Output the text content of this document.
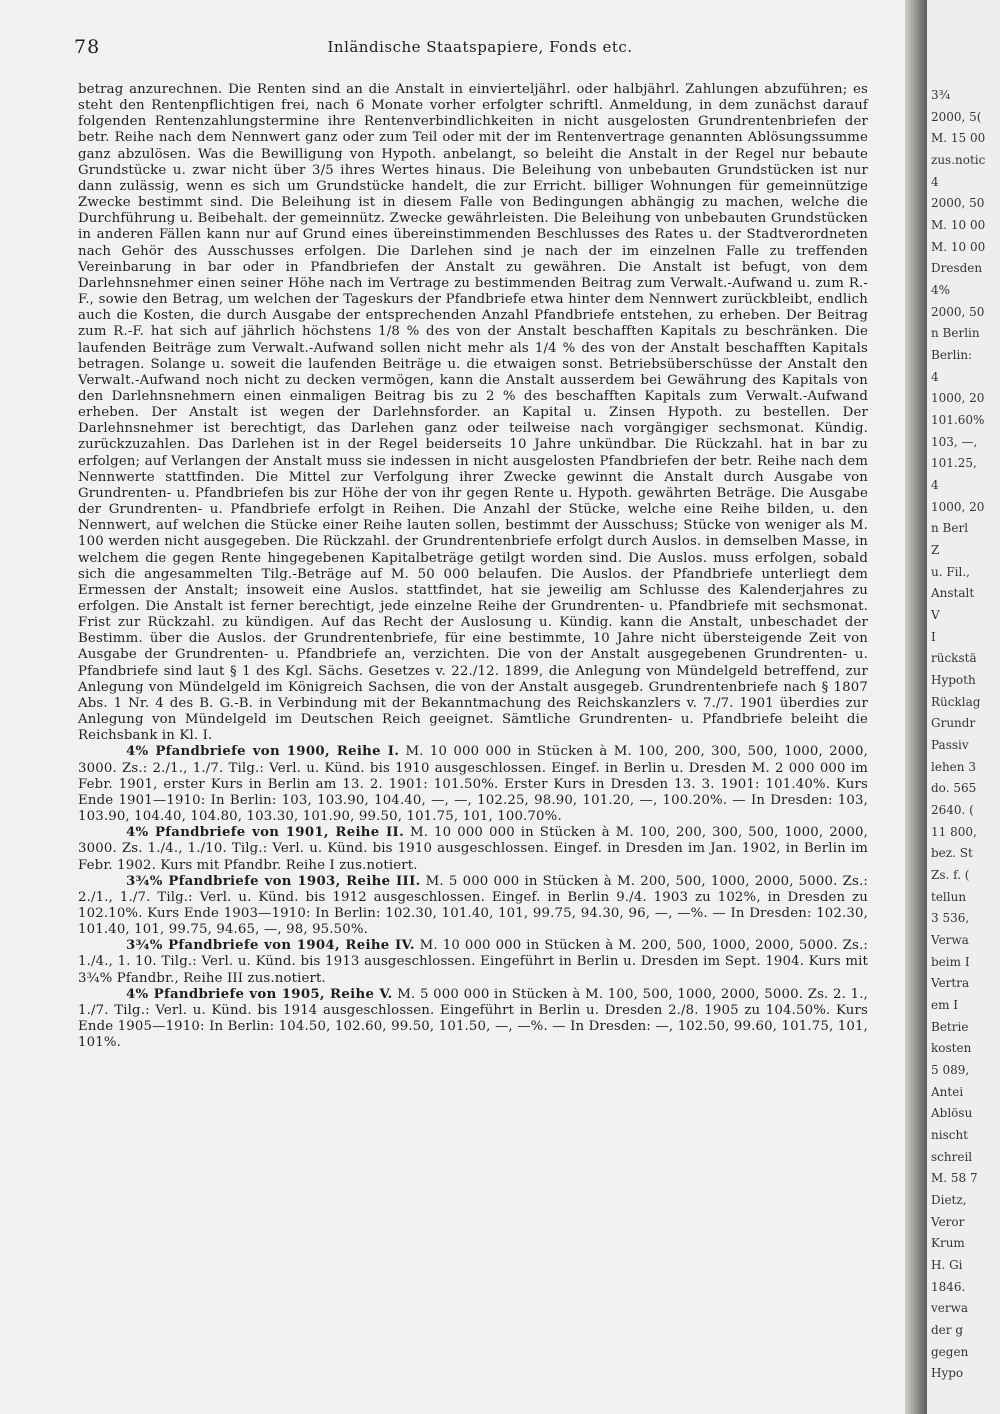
78	Inländische Staatspapiere, Fonds etc.

betrag anzurechnen. Die Renten sind an die Anstalt in einvierteljährl. oder halbjährl. Zahlungen abzuführen; es steht den Rentenpflichtigen frei, nach 6 Monate vorher erfolgter schriftl. Anmeldung, in dem zunächst darauf folgenden Rentenzahlungstermine ihre Rentenverbindlichkeiten in nicht ausgelosten Grundrentenbriefen der betr. Reihe nach dem Nennwert ganz oder zum Teil oder mit der im Rentenvertrage genannten Ablösungssumme ganz abzulösen. Was die Bewilligung von Hypoth. anbelangt, so beleiht die Anstalt in der Regel nur bebaute Grundstücke u. zwar nicht über 3/5 ihres Wertes hinaus. Die Beleihung von unbebauten Grundstücken ist nur dann zulässig, wenn es sich um Grundstücke handelt, die zur Erricht. billiger Wohnungen für gemeinnützige Zwecke bestimmt sind. Die Beleihung ist in diesem Falle von Bedingungen abhängig zu machen, welche die Durchführung u. Beibehalt. der gemeinnütz. Zwecke gewährleisten. Die Beleihung von unbebauten Grundstücken in anderen Fällen kann nur auf Grund eines übereinstimmenden Beschlusses des Rates u. der Stadtverordneten nach Gehör des Ausschusses erfolgen. Die Darlehen sind je nach der im einzelnen Falle zu treffenden Vereinbarung in bar oder in Pfandbriefen der Anstalt zu gewähren. Die Anstalt ist befugt, von dem Darlehnsnehmer einen seiner Höhe nach im Vertrage zu bestimmenden Beitrag zum Verwalt.-Aufwand u. zum R.-F., sowie den Betrag, um welchen der Tageskurs der Pfandbriefe etwa hinter dem Nennwert zurückbleibt, endlich auch die Kosten, die durch Ausgabe der entsprechenden Anzahl Pfandbriefe entstehen, zu erheben. Der Beitrag zum R.-F. hat sich auf jährlich höchstens 1/8 % des von der Anstalt beschafften Kapitals zu beschränken. Die laufenden Beiträge zum Verwalt.-Aufwand sollen nicht mehr als 1/4 % des von der Anstalt beschafften Kapitals betragen. Solange u. soweit die laufenden Beiträge u. die etwaigen sonst. Betriebsüberschüsse der Anstalt den Verwalt.-Aufwand noch nicht zu decken vermögen, kann die Anstalt ausserdem bei Gewährung des Kapitals von den Darlehnsnehmern einen einmaligen Beitrag bis zu 2 % des beschafften Kapitals zum Verwalt.-Aufwand erheben. Der Anstalt ist wegen der Darlehnsforder. an Kapital u. Zinsen Hypoth. zu bestellen. Der Darlehnsnehmer ist berechtigt, das Darlehen ganz oder teilweise nach vorgängiger sechsmonat. Kündig. zurückzuzahlen. Das Darlehen ist in der Regel beiderseits 10 Jahre unkündbar. Die Rückzahl. hat in bar zu erfolgen; auf Verlangen der Anstalt muss sie indessen in nicht ausgelosten Pfandbriefen der betr. Reihe nach dem Nennwerte stattfinden. Die Mittel zur Verfolgung ihrer Zwecke gewinnt die Anstalt durch Ausgabe von Grundrenten- u. Pfandbriefen bis zur Höhe der von ihr gegen Rente u. Hypoth. gewährten Beträge. Die Ausgabe der Grundrenten- u. Pfandbriefe erfolgt in Reihen. Die Anzahl der Stücke, welche eine Reihe bilden, u. den Nennwert, auf welchen die Stücke einer Reihe lauten sollen, bestimmt der Ausschuss; Stücke von weniger als M. 100 werden nicht ausgegeben. Die Rückzahl. der Grundrentenbriefe erfolgt durch Auslos. in demselben Masse, in welchem die gegen Rente hingegebenen Kapitalbeträge getilgt worden sind. Die Auslos. muss erfolgen, sobald sich die angesammelten Tilg.-Beträge auf M. 50 000 belaufen. Die Auslos. der Pfandbriefe unterliegt dem Ermessen der Anstalt; insoweit eine Auslos. stattfindet, hat sie jeweilig am Schlusse des Kalenderjahres zu erfolgen. Die Anstalt ist ferner berechtigt, jede einzelne Reihe der Grundrenten- u. Pfandbriefe mit sechsmonat. Frist zur Rückzahl. zu kündigen. Auf das Recht der Auslosung u. Kündig. kann die Anstalt, unbeschadet der Bestimm. über die Auslos. der Grundrentenbriefe, für eine bestimmte, 10 Jahre nicht übersteigende Zeit von Ausgabe der Grundrenten- u. Pfandbriefe an, verzichten. Die von der Anstalt ausgegebenen Grundrenten- u. Pfandbriefe sind laut § 1 des Kgl. Sächs. Gesetzes v. 22./12. 1899, die Anlegung von Mündelgeld betreffend, zur Anlegung von Mündelgeld im Königreich Sachsen, die von der Anstalt ausgegeb. Grundrentenbriefe nach § 1807 Abs. 1 Nr. 4 des B. G.-B. in Verbindung mit der Bekanntmachung des Reichskanzlers v. 7./7. 1901 überdies zur Anlegung von Mündelgeld im Deutschen Reich geeignet. Sämtliche Grundrenten- u. Pfandbriefe beleiht die Reichsbank in Kl. I.

4% Pfandbriefe von 1900, Reihe I. M. 10 000 000 in Stücken à M. 100, 200, 300, 500, 1000, 2000, 3000. Zs.: 2./1., 1./7. Tilg.: Verl. u. Künd. bis 1910 ausgeschlossen. Eingef. in Berlin u. Dresden M. 2 000 000 im Febr. 1901, erster Kurs in Berlin am 13. 2. 1901: 101.50%. Erster Kurs in Dresden 13. 3. 1901: 101.40%. Kurs Ende 1901—1910: In Berlin: 103, 103.90, 104.40, —, —, 102.25, 98.90, 101.20, —, 100.20%. — In Dresden: 103, 103.90, 104.40, 104.80, 103.30, 101.90, 99.50, 101.75, 101, 100.70%.

4% Pfandbriefe von 1901, Reihe II. M. 10 000 000 in Stücken à M. 100, 200, 300, 500, 1000, 2000, 3000. Zs. 1./4., 1./10. Tilg.: Verl. u. Künd. bis 1910 ausgeschlossen. Eingef. in Dresden im Jan. 1902, in Berlin im Febr. 1902. Kurs mit Pfandbr. Reihe I zus.notiert.

3¾% Pfandbriefe von 1903, Reihe III. M. 5 000 000 in Stücken à M. 200, 500, 1000, 2000, 5000. Zs.: 2./1., 1./7. Tilg.: Verl. u. Künd. bis 1912 ausgeschlossen. Eingef. in Berlin 9./4. 1903 zu 102%, in Dresden zu 102.10%. Kurs Ende 1903—1910: In Berlin: 102.30, 101.40, 101, 99.75, 94.30, 96, —, —%. — In Dresden: 102.30, 101.40, 101, 99.75, 94.65, —, 98, 95.50%.

3¾% Pfandbriefe von 1904, Reihe IV. M. 10 000 000 in Stücken à M. 200, 500, 1000, 2000, 5000. Zs.: 1./4., 1. 10. Tilg.: Verl. u. Künd. bis 1913 ausgeschlossen. Eingeführt in Berlin u. Dresden im Sept. 1904. Kurs mit 3¾% Pfandbr., Reihe III zus.notiert.

4% Pfandbriefe von 1905, Reihe V. M. 5 000 000 in Stücken à M. 100, 500, 1000, 2000, 5000. Zs. 2. 1., 1./7. Tilg.: Verl. u. Künd. bis 1914 ausgeschlossen. Eingeführt in Berlin u. Dresden 2./8. 1905 zu 104.50%. Kurs Ende 1905—1910: In Berlin: 104.50, 102.60, 99.50, 101.50, —, —%. — In Dresden: —, 102.50, 99.60, 101.75, 101, 101%.

3¾
2000, 5(
M. 15 00
zus.notic
4
2000, 50
M. 10 00
M. 10 00
Dresden
4%
2000, 50
n Berlin
Berlin:
4
1000, 20
101.60%
103, —,
101.25,
4
1000, 20
n Berl
Z
u. Fil.,
Anstalt
V
I
rückstä
Hypoth
Rücklag
Grundr
Passiv
lehen 3
do. 565
2640. (
11 800,
bez. St
Zs. f. (
tellun
3 536,
Verwa
beim I
Vertra
em I
Betrie
kosten
5 089,
Antei
Ablösu
nischt
schreil
M. 58 7
Dietz,
Veror
Krum
H. Gi
1846.
verwa
der g
gegen
Hypo
